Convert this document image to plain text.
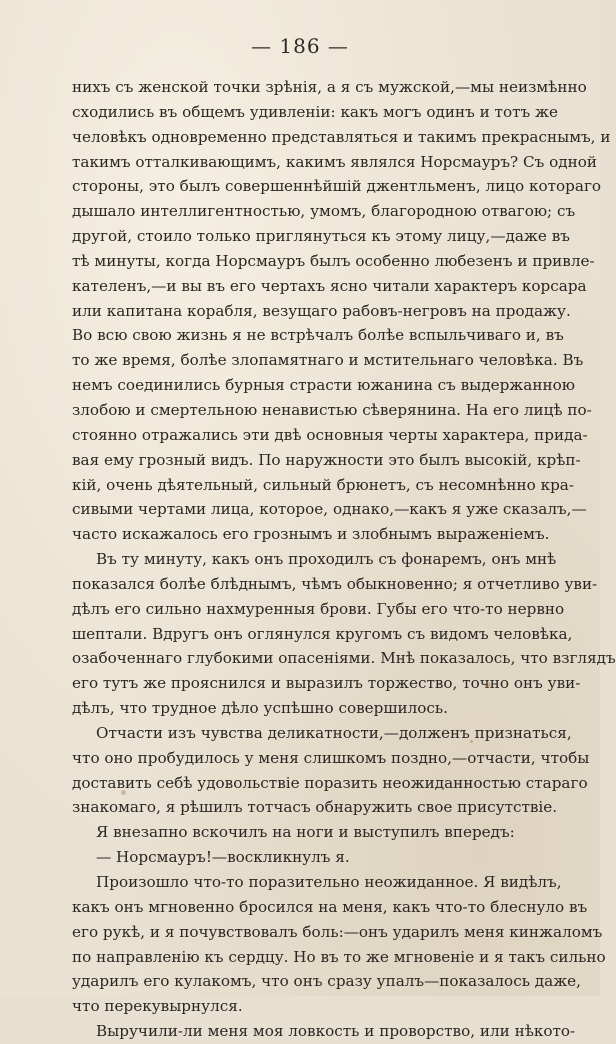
— 186 —
нихъ съ женской точки зрѣнія, а я съ мужской,—мы неизмѣнно
сходились въ общемъ удивленіи: какъ могъ одинъ и тотъ же
человѣкъ одновременно представляться и такимъ прекраснымъ, и
такимъ отталкивающимъ, какимъ являлся Норсмауръ? Съ одной
стороны, это былъ совершеннѣйшій джентльменъ, лицо котораго
дышало интеллигентностью, умомъ, благородною отвагою; съ
другой, стоило только приглянуться къ этому лицу,—даже въ
тѣ минуты, когда Норсмауръ былъ особенно любезенъ и привле-
кателенъ,—и вы въ его чертахъ ясно читали характеръ корсара
или капитана корабля, везущаго рабовъ-негровъ на продажу.
Во всю свою жизнь я не встрѣчалъ болѣе вспыльчиваго и, въ
то же время, болѣе злопамятнаго и мстительнаго человѣка. Въ
немъ соединились бурныя страсти южанина съ выдержанною
злобою и смертельною ненавистью сѣверянина. На его лицѣ по-
стоянно отражались эти двѣ основныя черты характера, прида-
вая ему грозный видъ. По наружности это былъ высокій, крѣп-
кій, очень дѣятельный, сильный брюнетъ, съ несомнѣнно кра-
сивыми чертами лица, которое, однако,—какъ я уже сказалъ,—
часто искажалось его грознымъ и злобнымъ выраженіемъ.
Въ ту минуту, какъ онъ проходилъ съ фонаремъ, онъ мнѣ
показался болѣе блѣднымъ, чѣмъ обыкновенно; я отчетливо уви-
дѣлъ его сильно нахмуренныя брови. Губы его что-то нервно
шептали. Вдругъ онъ оглянулся кругомъ съ видомъ человѣка,
озабоченнаго глубокими опасеніями. Мнѣ показалось, что взглядъ
его тутъ же прояснился и выразилъ торжество, точно онъ уви-
дѣлъ, что трудное дѣло успѣшно совершилось.
Отчасти изъ чувства деликатности,—долженъ признаться,
что оно пробудилось у меня слишкомъ поздно,—отчасти, чтобы
доставить себѣ удовольствіе поразить неожиданностью стараго
знакомаго, я рѣшилъ тотчасъ обнаружить свое присутствіе.
Я внезапно вскочилъ на ноги и выступилъ впередъ:
— Норсмауръ!—воскликнулъ я.
Произошло что-то поразительно неожиданное. Я видѣлъ,
какъ онъ мгновенно бросился на меня, какъ что-то блеснуло въ
его рукѣ, и я почувствовалъ боль:—онъ ударилъ меня кинжаломъ
по направленію къ сердцу. Но въ то же мгновеніе и я такъ сильно
ударилъ его кулакомъ, что онъ сразу упалъ—показалось даже,
что перекувырнулся.
Выручили-ли меня моя ловкость и проворство, или нѣкото-
